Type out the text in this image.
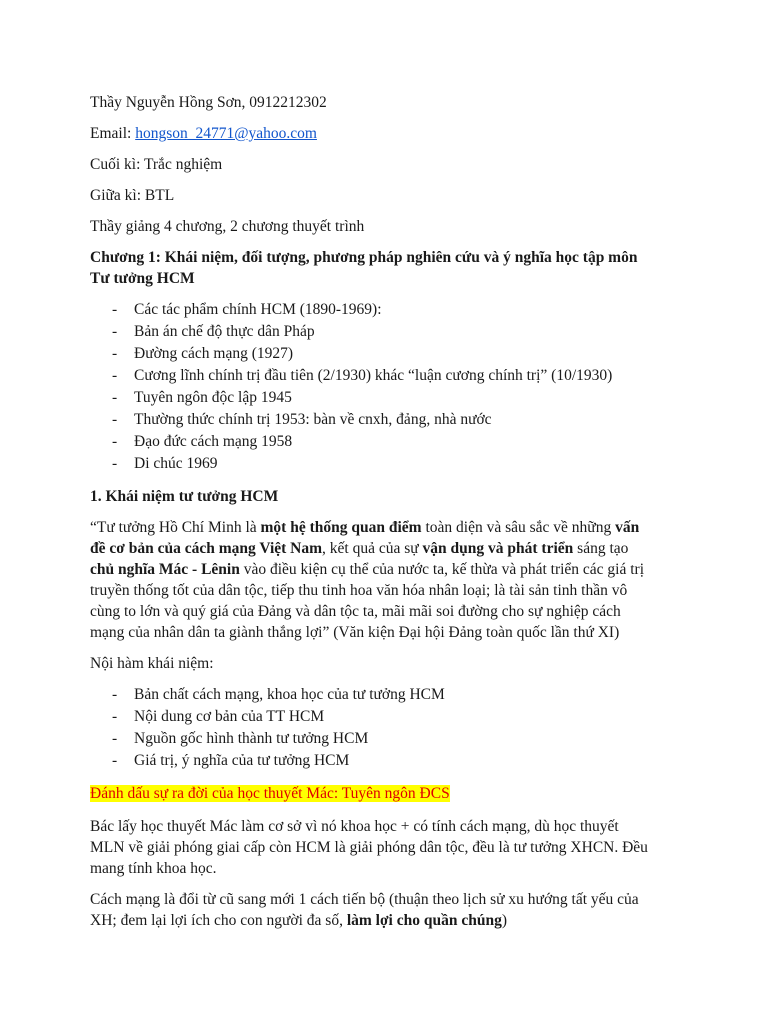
Thầy Nguyễn Hồng Sơn, 0912212302

Email: hongson_24771@yahoo.com

Cuối kì: Trắc nghiệm

Giữa kì: BTL

Thầy giảng 4 chương, 2 chương thuyết trình

Chương 1: Khái niệm, đối tượng, phương pháp nghiên cứu và ý nghĩa học tập môn
Tư tưởng HCM

- Các tác phẩm chính HCM (1890-1969):
- Bản án chế độ thực dân Pháp
- Đường cách mạng (1927)
- Cương lĩnh chính trị đầu tiên (2/1930) khác “luận cương chính trị” (10/1930)
- Tuyên ngôn độc lập 1945
- Thường thức chính trị 1953: bàn về cnxh, đảng, nhà nước
- Đạo đức cách mạng 1958
- Di chúc 1969

1. Khái niệm tư tưởng HCM

“Tư tưởng Hồ Chí Minh là một hệ thống quan điểm toàn diện và sâu sắc về những vấn
đề cơ bản của cách mạng Việt Nam, kết quả của sự vận dụng và phát triển sáng tạo
chủ nghĩa Mác - Lênin vào điều kiện cụ thể của nước ta, kế thừa và phát triển các giá trị
truyền thống tốt của dân tộc, tiếp thu tinh hoa văn hóa nhân loại; là tài sản tinh thần vô
cùng to lớn và quý giá của Đảng và dân tộc ta, mãi mãi soi đường cho sự nghiệp cách
mạng của nhân dân ta giành thắng lợi” (Văn kiện Đại hội Đảng toàn quốc lần thứ XI)

Nội hàm khái niệm:

- Bản chất cách mạng, khoa học của tư tưởng HCM
- Nội dung cơ bản của TT HCM
- Nguồn gốc hình thành tư tưởng HCM
- Giá trị, ý nghĩa của tư tưởng HCM

Đánh dấu sự ra đời của học thuyết Mác: Tuyên ngôn ĐCS

Bác lấy học thuyết Mác làm cơ sở vì nó khoa học + có tính cách mạng, dù học thuyết
MLN về giải phóng giai cấp còn HCM là giải phóng dân tộc, đều là tư tưởng XHCN. Đều
mang tính khoa học.

Cách mạng là đổi từ cũ sang mới 1 cách tiến bộ (thuận theo lịch sử xu hướng tất yếu của
XH; đem lại lợi ích cho con người đa số, làm lợi cho quần chúng)
